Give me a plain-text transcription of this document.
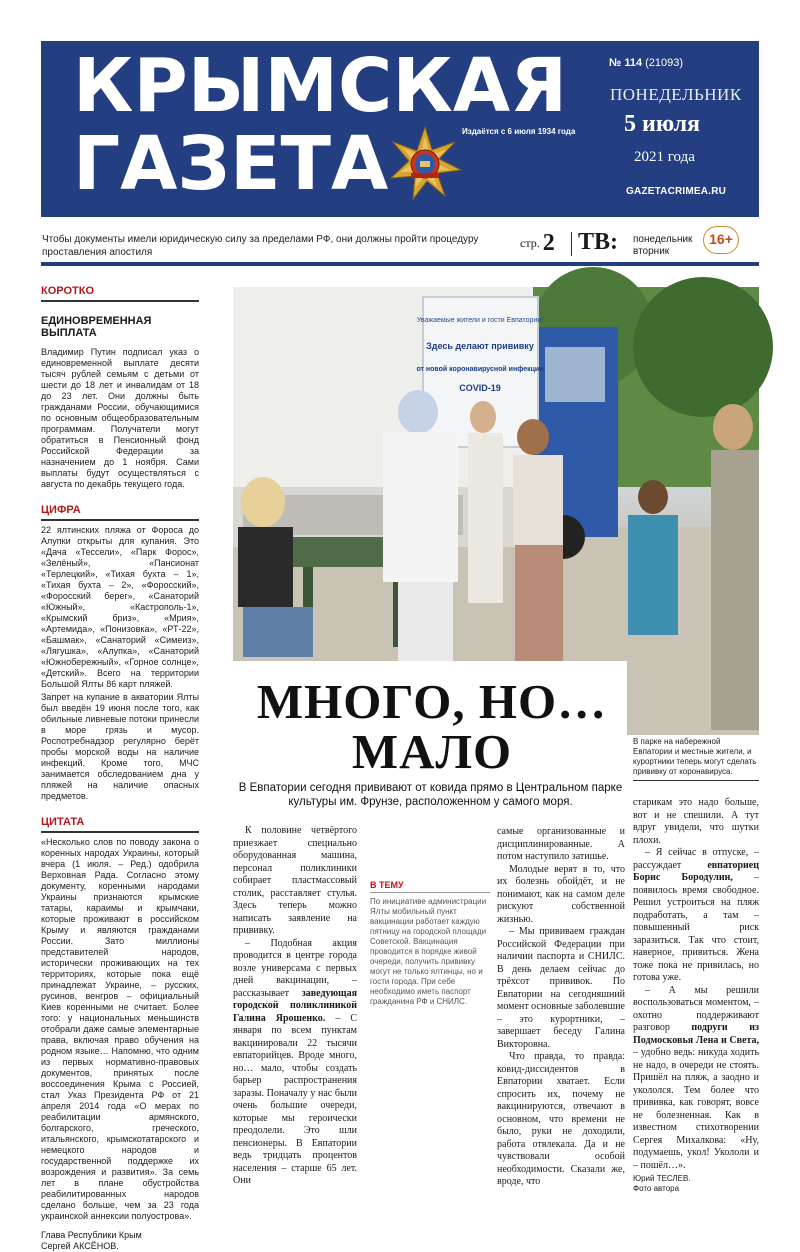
КРЫМСКАЯ
ГАЗЕТА	Издаётся с 6 июля 1934 года
№ 114 (21093)
ПОНЕДЕЛЬНИК
5 июля
2021 года
GAZETACRIMEA.RU
Чтобы документы имели юридическую силу за пределами РФ, они должны пройти процедуру проставления апостиля
стр. 2 ТВ: понедельник
вторник
16+
КОРОТКО
ЕДИНОВРЕМЕННАЯ ВЫПЛАТА
Владимир Путин подписал указ о единовременной выплате десяти тысяч рублей семьям с детьми от шести до 18 лет и инвалидам от 18 до 23 лет. Они должны быть гражданами России, обучающимися по основным общеобразовательным программам. Получатели могут обратиться в Пенсионный фонд Российской Федерации за назначением до 1 ноября. Сами выплаты будут осуществляться с августа по декабрь текущего года.
ЦИФРА
22 ялтинских пляжа от Фороса до Алупки открыты для купания. Это «Дача «Тессели», «Парк Форос», «Зелёный», «Пансионат «Терлецкий», «Тихая бухта – 1», «Тихая бухта – 2», «Форосский», «Форосский берег», «Санаторий «Южный», «Кастрополь-1», «Крымский бриз», «Мрия», «Артемида», «Понизовка», «РТ-22», «Башмак», «Санаторий «Симеиз», «Лягушка», «Алупка», «Санаторий «Южнобережный», «Горное солнце», «Детский». Всего на территории Большой Ялты 86 карт пляжей.
Запрет на купание в акватории Ялты был введён 19 июня после того, как обильные ливневые потоки принесли в море грязь и мусор. Роспотребнадзор регулярно берёт пробы морской воды на наличие инфекций. Кроме того, МЧС занимается обследованием дна у пляжей на наличие опасных предметов.
ЦИТАТА
«Несколько слов по поводу закона о коренных народах Украины, который вчера (1 июля. – Ред.) одобрила Верховная Рада. Согласно этому документу, коренными народами Украины признаются крымские татары, караимы и крымчаки, которые проживают в российском Крыму и являются гражданами России. Зато миллионы представителей народов, исторически проживающих на тех территориях, которые пока ещё принадлежат Украине, – русских, русинов, венгров – официальный Киев коренными не считает. Более того: у национальных меньшинств отобрали даже самые элементарные права, включая право обучения на родном языке… Напомню, что одним из первых нормативно-правовых документов, принятых после воссоединения Крыма с Россией, стал Указ Президента РФ от 21 апреля 2014 года «О мерах по реабилитации армянского, болгарского, греческого, итальянского, крымскотатарского и немецкого народов и государственной поддержке их возрождения и развития». За семь лет в плане обустройства реабилитированных народов сделано больше, чем за 23 года украинской аннексии полуострова».
Глава Республики Крым
Сергей АКСЁНОВ.
Уважаемые жители и гости Евпатории!
Здесь делают прививку
от новой коронавирусной инфекции
COVID-19
МНОГО, НО…
МАЛО	В парке на набережной Евпатории и местные жители, и курортники теперь могут сделать прививку от коронавируса.
В Евпатории сегодня прививают от ковида прямо в Центральном парке культуры им. Фрунзе, расположенном у самого моря.

К половине четвёртого приезжает специально оборудованная машина, персонал поликлиники собирает пластмассовый столик, расставляет стулья. Здесь теперь можно написать заявление на прививку.

– Подобная акция проводится в центре города возле универсама с первых дней вакцинации, – рассказывает заведующая городской поликлиникой Галина Ярошенко. – С января по всем пунктам вакцинировали 22 тысячи евпаторийцев. Вроде много, но… мало, чтобы создать барьер распространения заразы. Поначалу у нас были очень большие очереди, которые мы героически преодолели. Это шли пенсионеры. В Евпатории ведь тридцать процентов населения – старше 65 лет. Они

В ТЕМУ
По инициативе администрации Ялты мобильный пункт вакцинации работает каждую пятницу на городской площади Советской. Вакцинация проводится в порядке живой очереди, получить прививку могут не только ялтинцы, но и гости города. При себе необходимо иметь паспорт гражданина РФ и СНИЛС.

самые организованные и дисциплинированные. А потом наступило затишье.

Молодые верят в то, что их болезнь обойдёт, и не понимают, как на самом деле рискуют собственной жизнью.

– Мы прививаем граждан Российской Федерации при наличии паспорта и СНИЛС. В день делаем сейчас до трёхсот прививок. По Евпатории на сегодняшний момент основные заболевшие – это курортники, – завершает беседу Галина Викторовна.

Что правда, то правда: ковид-диссидентов в Евпатории хватает. Если спросить их, почему не вакцинируются, отвечают в основном, что времени не было, руки не доходили, работа отвлекала. Да и не чувствовали особой необходимости. Сказали же, вроде, что

старикам это надо больше, вот и не спешили. А тут вдруг увидели, что шутки плохи.

– Я сейчас в отпуске, – рассуждает евпаториец Борис Бородулин, – появилось время свободное. Решил устроиться на пляж подработать, а там – повышенный риск заразиться. Так что стоит, наверное, привиться. Жена тоже пока не привилась, но готова уже.

– А мы решили воспользоваться моментом, – охотно поддерживают разговор подруги из Подмосковья Лена и Света, – удобно ведь: никуда ходить не надо, в очереди не стоять. Пришёл на пляж, а заодно и укололся. Тем более что прививка, как говорят, вовсе не болезненная. Как в известном стихотворении Сергея Михалкова: «Ну, подумаешь, укол! Укололи и – пошёл…».

Юрий ТЕСЛЕВ.

Фото автора
